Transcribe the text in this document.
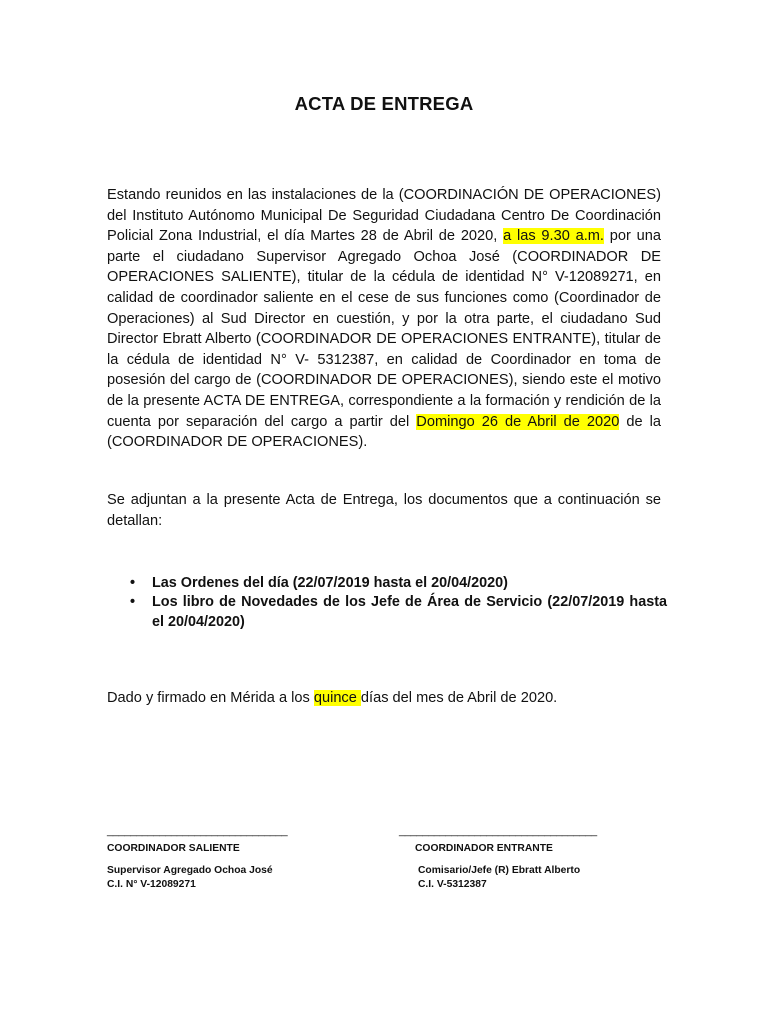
ACTA DE ENTREGA
Estando reunidos en las instalaciones de la (COORDINACIÓN DE OPERACIONES) del Instituto Autónomo Municipal De Seguridad Ciudadana Centro De Coordinación Policial Zona Industrial, el día Martes 28 de Abril de 2020, a las 9.30 a.m. por una parte el ciudadano Supervisor Agregado Ochoa José (COORDINADOR DE OPERACIONES SALIENTE), titular de la cédula de identidad N° V-12089271, en calidad de coordinador saliente en el cese de sus funciones como (Coordinador de Operaciones) al Sud Director en cuestión, y por la otra parte, el ciudadano Sud Director Ebratt Alberto (COORDINADOR DE OPERACIONES ENTRANTE), titular de la cédula de identidad N° V- 5312387, en calidad de Coordinador en toma de posesión del cargo de (COORDINADOR DE OPERACIONES), siendo este el motivo de la presente ACTA DE ENTREGA, correspondiente a la formación y rendición de la cuenta por separación del cargo a partir del Domingo 26 de Abril de 2020 de la (COORDINADOR DE OPERACIONES).
Se adjuntan a la presente Acta de Entrega, los documentos que a continuación se detallan:
• Las Ordenes del día (22/07/2019 hasta el 20/04/2020)
• Los libro de Novedades de los Jefe de Área de Servicio (22/07/2019 hasta el 20/04/2020)
Dado y firmado en Mérida a los quince días del mes de Abril de 2020.
_______________________________
COORDINADOR SALIENTE
Supervisor Agregado Ochoa José
C.I. N° V-12089271
__________________________________
COORDINADOR ENTRANTE
Comisario/Jefe (R) Ebratt Alberto
C.I. V-5312387
